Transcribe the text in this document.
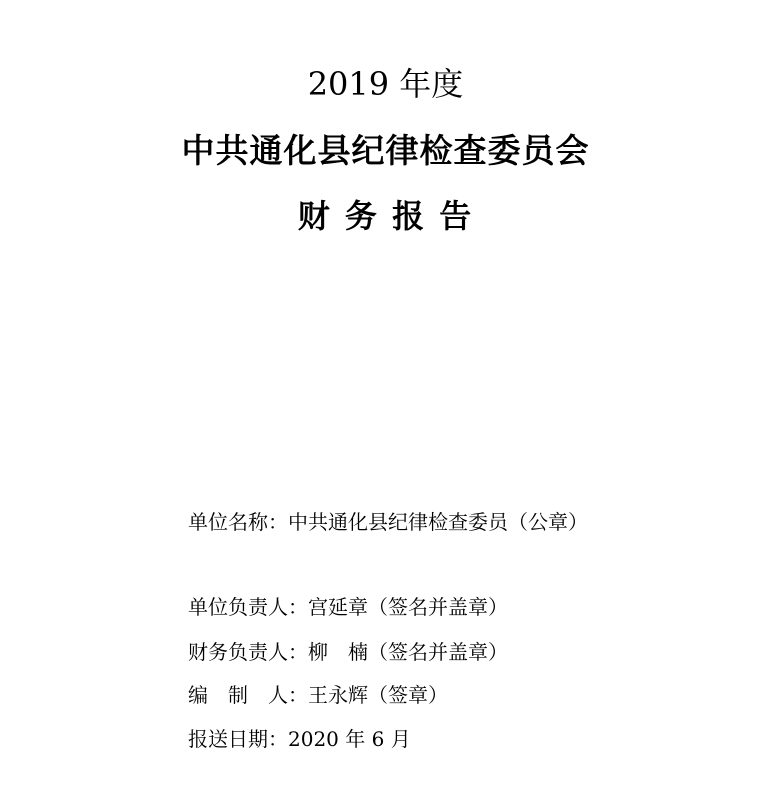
2019 年度
中共通化县纪律检查委员会
财 务 报 告
单位名称：中共通化县纪律检查委员（公章）
单位负责人：宫延章（签名并盖章）
财务负责人：柳　楠（签名并盖章）
编　制　人：王永辉（签章）
报送日期：2020 年 6 月
